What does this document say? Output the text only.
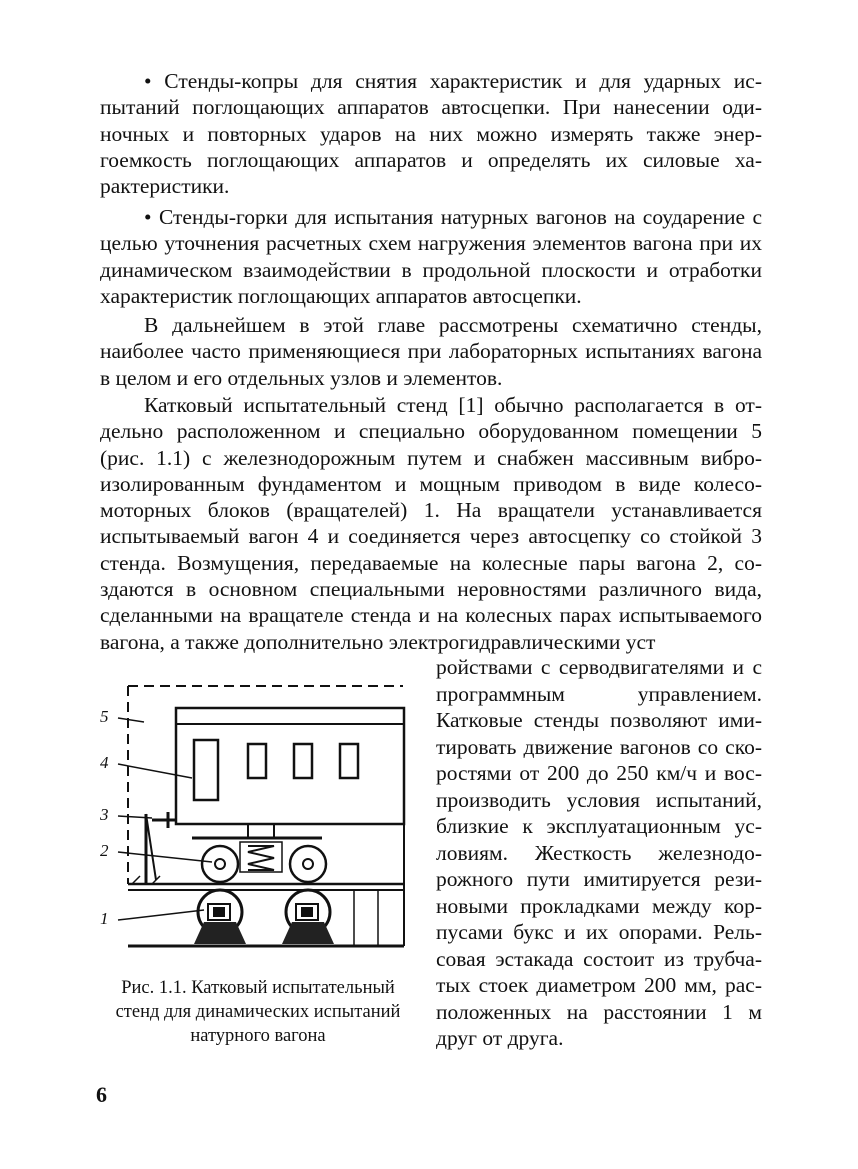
• Стенды-копры для снятия характеристик и для ударных испытаний поглощающих аппаратов автосцепки. При нанесении одиночных и повторных ударов на них можно измерять также энергоемкость поглощающих аппаратов и определять их силовые характеристики.

• Стенды-горки для испытания натурных вагонов на соударение с целью уточнения расчетных схем нагружения элементов вагона при их динамическом взаимодействии в продольной плоскости и отработки характеристик поглощающих аппаратов автосцепки.

В дальнейшем в этой главе рассмотрены схематично стенды, наиболее часто применяющиеся при лабораторных испытаниях вагона в целом и его отдельных узлов и элементов.

Катковый испытательный стенд [1] обычно располагается в отдельно расположенном и специально оборудованном помещении 5 (рис. 1.1) с железнодорожным путем и снабжен массивным виброизолированным фундаментом и мощным приводом в виде колесомоторных блоков (вращателей) 1. На вращатели устанавливается испытываемый вагон 4 и соединяется через автосцепку со стойкой 3 стенда. Возмущения, передаваемые на колесные пары вагона 2, создаются в основном специальными неровностями различного вида, сделанными на вращателе стенда и на колесных парах испытываемого вагона, а также дополнительно электрогидравлическими уст

ройствами с серводвигателями и с программным управлением. Катковые стенды позволяют имитировать движение вагонов со скоростями от 200 до 250 км/ч и воспроизводить условия испытаний, близкие к эксплуатационным условиям. Жесткость железнодорожного пути имитируется резиновыми прокладками между корпусами букс и их опорами. Рельсовая эстакада состоит из трубчатых стоек диаметром 200 мм, расположенных на расстоянии 1 м друг от друга.

5
4
3
2
1

Рис. 1.1. Катковый испытательный стенд для динамических испытаний натурного вагона

6
